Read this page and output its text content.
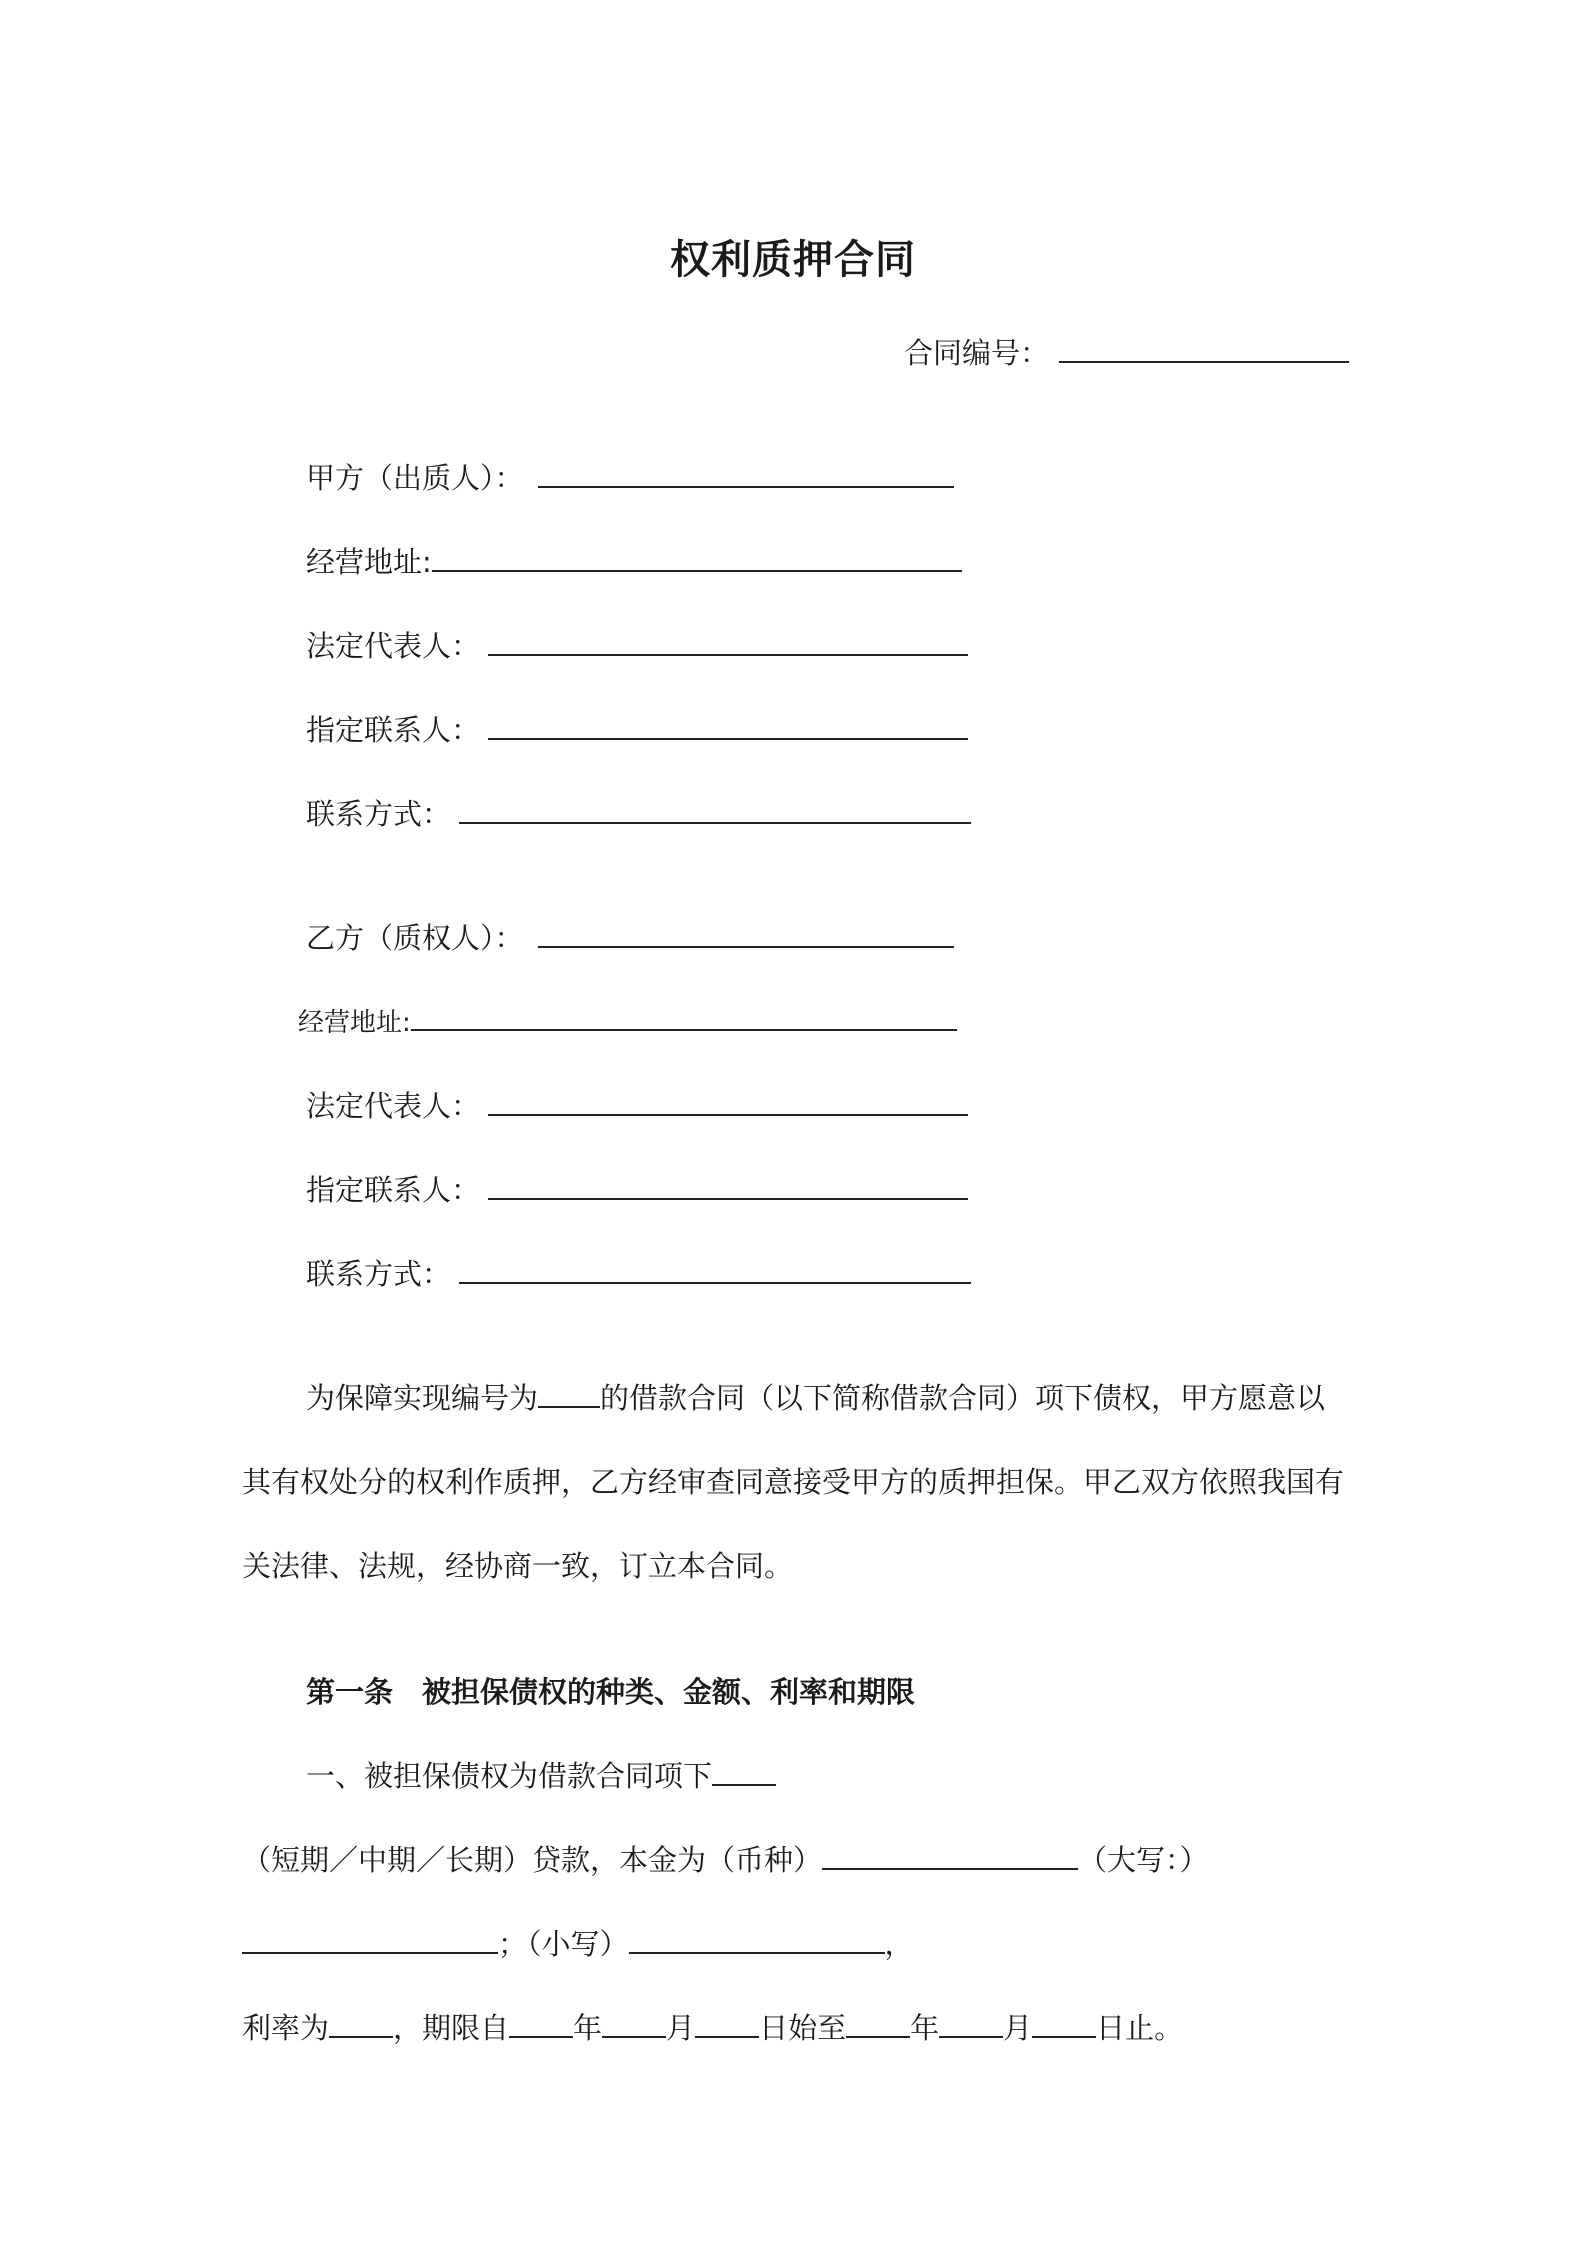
权利质押合同
合同编号：
甲方（出质人）：
经营地址:
法定代表人：
指定联系人：
联系方式：
乙方（质权人）：
经营地址:
法定代表人：
指定联系人：
联系方式：
为保障实现编号为 的借款合同（以下简称借款合同）项下债权，甲方愿意以其有权处分的权利作质押，乙方经审查同意接受甲方的质押担保。甲乙双方依照我国有关法律、法规，经协商一致，订立本合同。
第一条　被担保债权的种类、金额、利率和期限
一、被担保债权为借款合同项下（短期／中期／长期）贷款，本金为（币种）	（大写：）；（小写）	，
利率为 ，期限自 年 月 日始至 年 月 日止。
